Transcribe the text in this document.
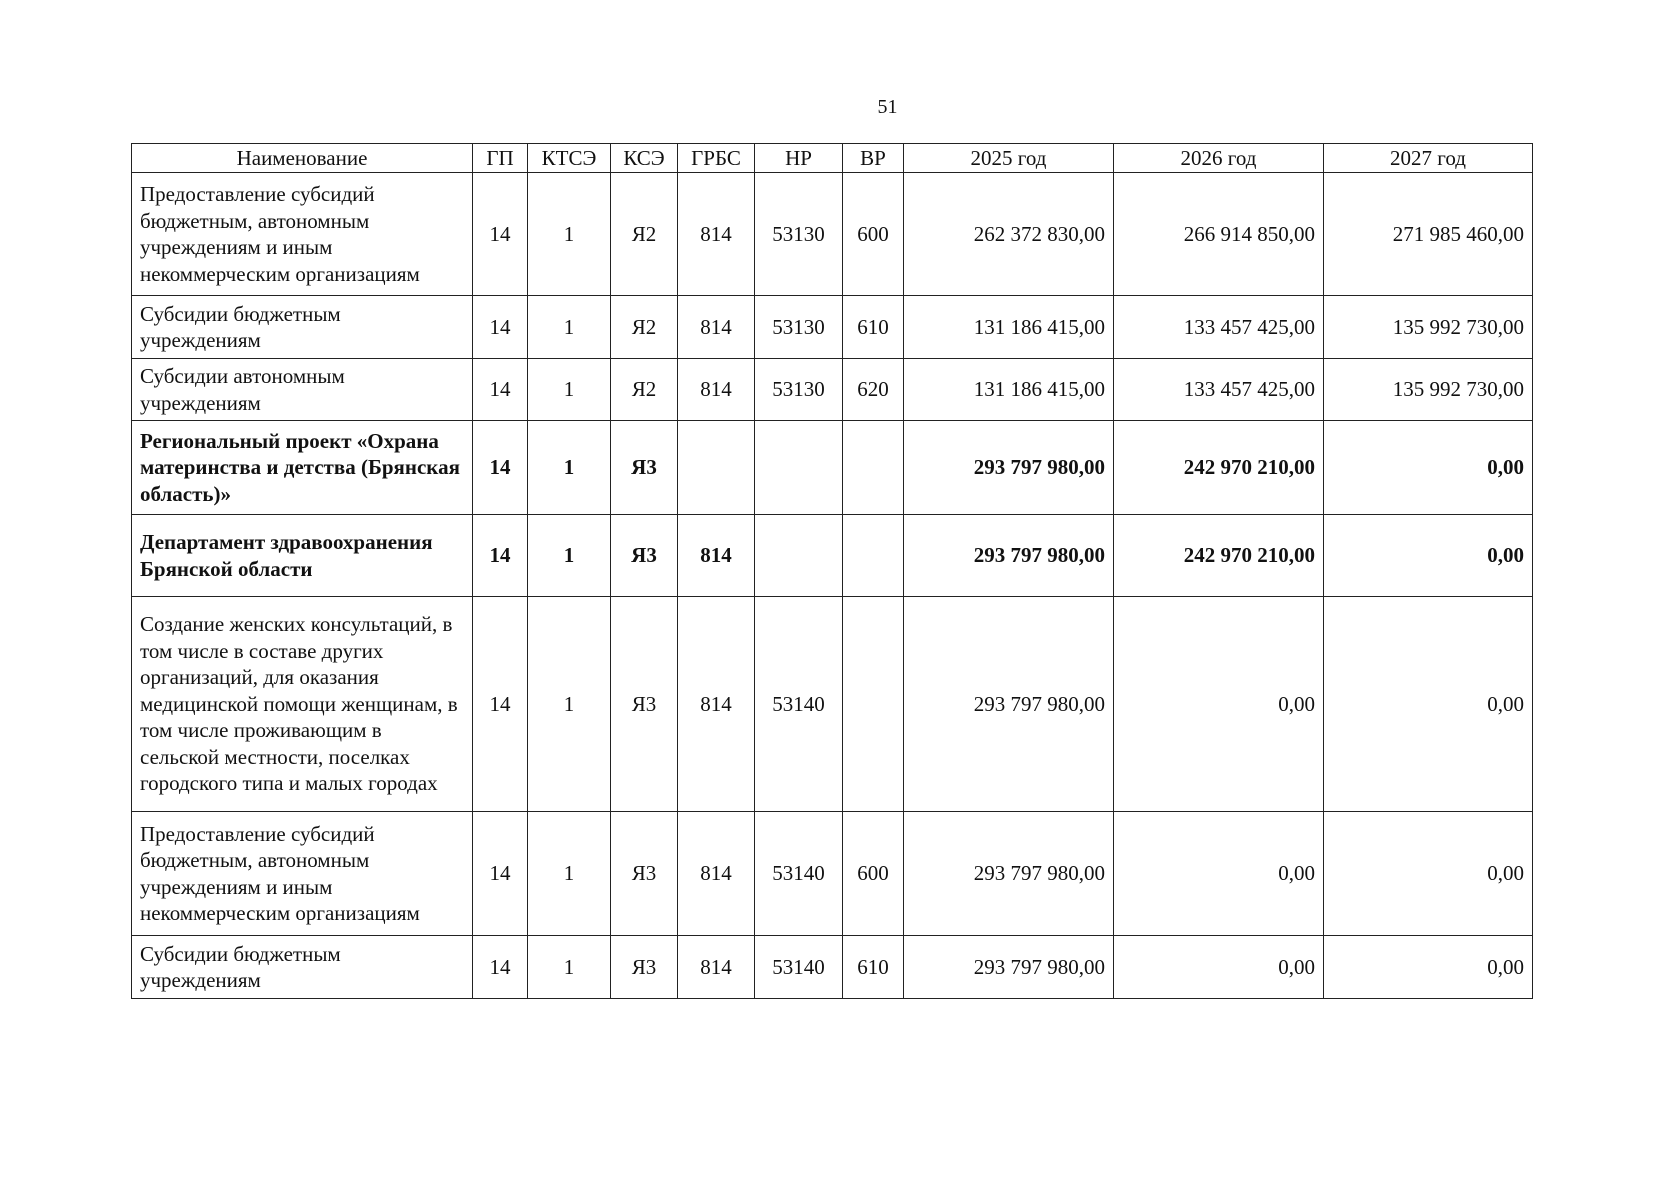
51
Наименование	ГП	КТСЭ	КСЭ	ГРБС	НР	ВР	2025 год	2026 год	2027 год
Предоставление субсидий бюджетным, автономным учреждениям и иным некоммерческим организациям	14	1	Я2	814	53130	600	262 372 830,00	266 914 850,00	271 985 460,00
Субсидии бюджетным учреждениям	14	1	Я2	814	53130	610	131 186 415,00	133 457 425,00	135 992 730,00
Субсидии автономным учреждениям	14	1	Я2	814	53130	620	131 186 415,00	133 457 425,00	135 992 730,00
Региональный проект «Охрана материнства и детства (Брянская область)»	14	1	Я3				293 797 980,00	242 970 210,00	0,00
Департамент здравоохранения Брянской области	14	1	Я3	814			293 797 980,00	242 970 210,00	0,00
Создание женских консультаций, в том числе в составе других организаций, для оказания медицинской помощи женщинам, в том числе проживающим в сельской местности, поселках городского типа и малых городах	14	1	Я3	814	53140		293 797 980,00	0,00	0,00
Предоставление субсидий бюджетным, автономным учреждениям и иным некоммерческим организациям	14	1	Я3	814	53140	600	293 797 980,00	0,00	0,00
Субсидии бюджетным учреждениям	14	1	Я3	814	53140	610	293 797 980,00	0,00	0,00
